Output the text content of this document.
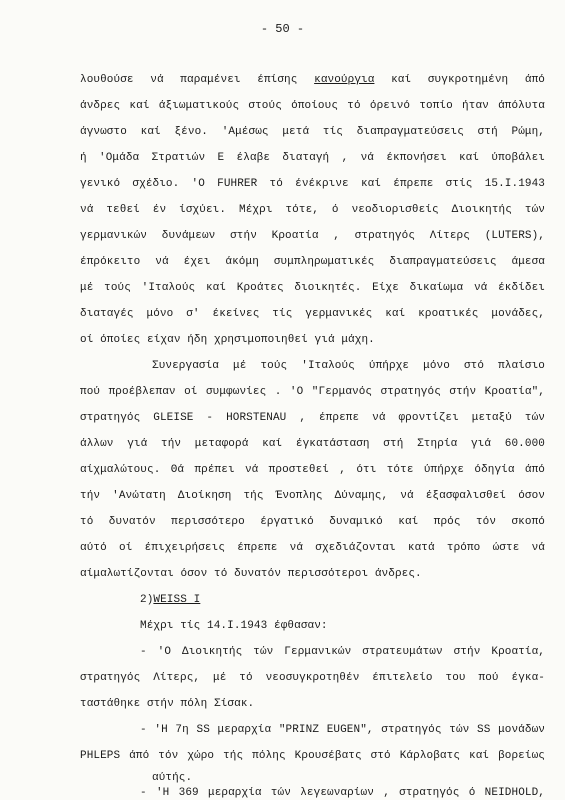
- 50 -
λουθούσε νά παραμένει έπίσης κανούργια καί συγκροτημένη άπό
άνδρες καί άξιωματικούς στούς όποίους τό όρεινό τοπίο ήταν άπόλυτα
άγνωστο καί ξένο. 'Αμέσως μετά τίς διαπραγματεύσεις στή Ρώμη,
ή 'Ομάδα Στρατιών Ε έλαβε διαταγή , νά έκπονήσει καί ύποβάλει
γενικό σχέδιο. 'Ο FUHRER τό ένέκρινε καί έπρεπε στίς 15.Ι.1943
νά τεθεί έν ίσχύει. Μέχρι τότε, ό νεοδιορισθείς Διοικητής τών
γερμανικών δυνάμεων στήν Κροατία , στρατηγός Λίτερς (LUTERS),
έπρόκειτο νά έχει άκόμη συμπληρωματικές διαπραγματεύσεις άμεσα
μέ τούς 'Ιταλούς καί Κροάτες διοικητές. Είχε δικαίωμα νά έκδίδει
διαταγές μόνο σ' έκείνες τίς γερμανικές καί κροατικές μονάδες,
οί όποίες είχαν ήδη χρησιμοποιηθεί γιά μάχη.
Συνεργασία μέ τούς 'Ιταλούς ύπήρχε μόνο στό πλαίσιο
πού προέβλεπαν οί συμφωνίες . 'Ο "Γερμανός στρατηγός στήν Κροατία",
στρατηγός GLEISE - HORSTENAU , έπρεπε νά φροντίζει μεταξύ τών
άλλων γιά τήν μεταφορά καί έγκατάσταση στή Στηρία γιά 60.000
αίχμαλώτους. Θά πρέπει νά προστεθεί , ότι τότε ύπήρχε όδηγία άπό
τήν 'Ανώτατη Διοίκηση τής Ένοπλης Δύναμης, νά έξασφαλισθεί όσον
τό δυνατόν περισσότερο έργατικό δυναμικό καί πρός τόν σκοπό
αύτό οί έπιχειρήσεις έπρεπε νά σχεδιάζονται κατά τρόπο ώστε νά
αίμαλωτίζονται όσον τό δυνατόν περισσότεροι άνδρες.
2)WEISS I
Μέχρι τίς 14.Ι.1943 έφθασαν:
- 'Ο Διοικητής τών Γερμανικών στρατευμάτων στήν Κροατία,
στρατηγός Λίτερς, μέ τό νεοσυγκροτηθέν έπιτελείο του πού έγκα-
ταστάθηκε στήν πόλη Σίσακ.
- 'Η 7η SS μεραρχία "PRINZ EUGEN", στρατηγός τών SS μονάδων
PHLEPS άπό τόν χώρο τής πόλης Κρουσέβατς στό Κάρλοβατς καί βορείως
αύτής.
- 'Η 369 μεραρχία τών λεγεωναρίων , στρατηγός ό NEIDHOLD,
